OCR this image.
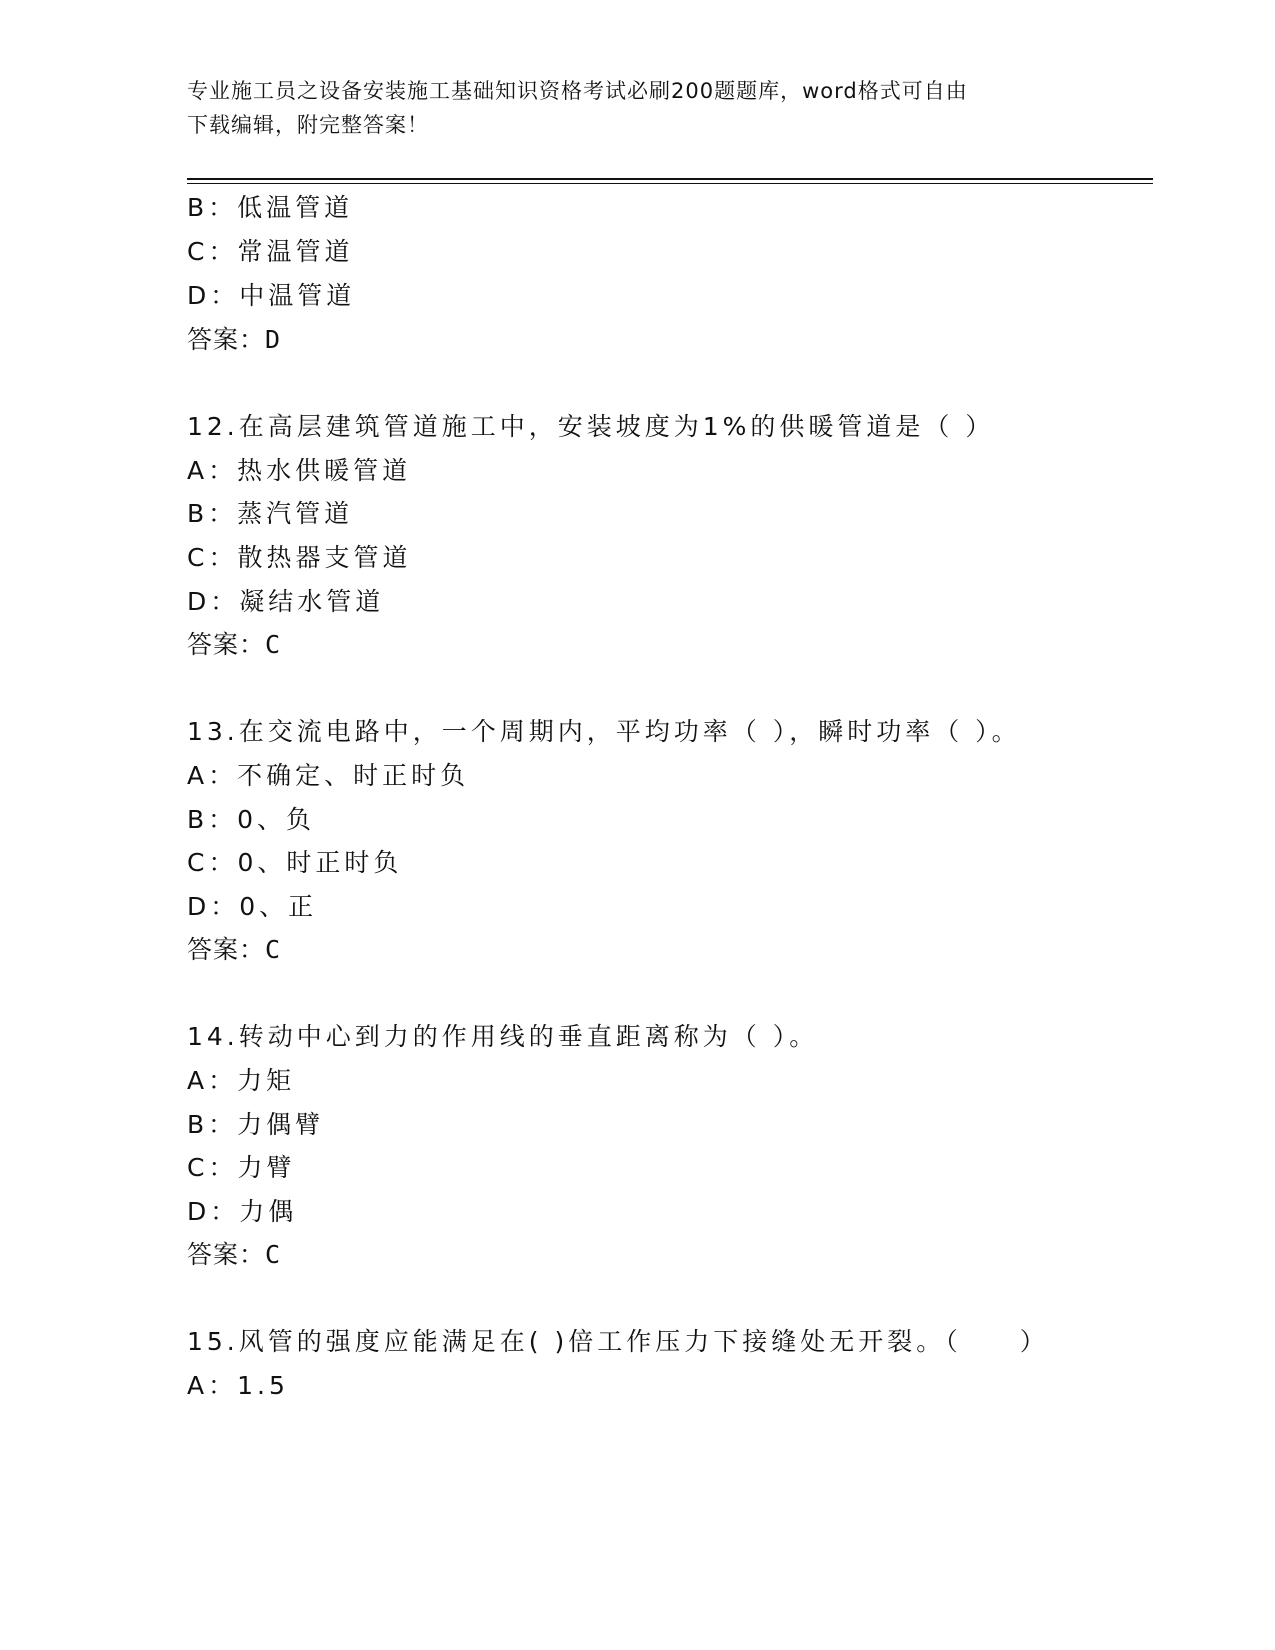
专业施工员之设备安装施工基础知识资格考试必刷200题题库，word格式可自由
下载编辑，附完整答案！
B：低温管道
C：常温管道
D：中温管道
答案：D
12.在高层建筑管道施工中，安装坡度为1%的供暖管道是（ ）
A：热水供暖管道
B：蒸汽管道
C：散热器支管道
D：凝结水管道
答案：C
13.在交流电路中，一个周期内，平均功率（ ），瞬时功率（ ）。
A：不确定、时正时负
B：0、负
C：0、时正时负
D：0、正
答案：C
14.转动中心到力的作用线的垂直距离称为（ ）。
A：力矩
B：力偶臂
C：力臂
D：力偶
答案：C
15.风管的强度应能满足在( )倍工作压力下接缝处无开裂。（　　）
A：1.5
